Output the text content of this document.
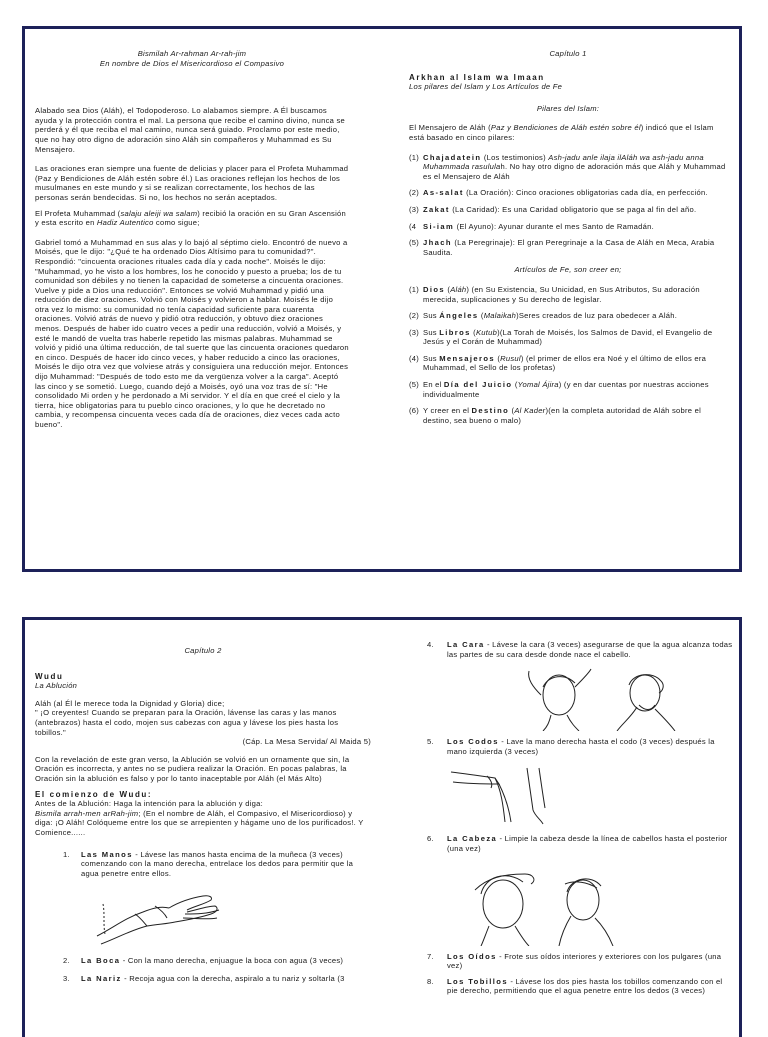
Bismilah Ar-rahman Ar-rah-jim
En nombre de Dios el Misericordioso el Compasivo

Alabado sea Dios (Aláh), el Todopoderoso. Lo alabamos siempre. A Él buscamos ayuda y la protección contra el mal. La persona que recibe el camino divino, nunca se perderá y él que reciba el mal camino, nunca será guiado. Proclamo por este medio, que no hay otro digno de adoración sino Aláh sin compañeros y Muhammad es Su Mensajero.

Las oraciones eran siempre una fuente de delicias y placer para el Profeta Muhammad (Paz y Bendiciones de Aláh estén sobre él.) Las oraciones reflejan los hechos de los musulmanes en este mundo y si se realizan correctamente, los hechos de las personas serán bendecidas. Si no, los hechos no serán aceptados.

El Profeta Muhammad (salaju aleiji wa salam) recibió la oración en su Gran Ascensión y esta escrito en Hadiz Autentico como sigue;

Gabriel tomó a Muhammad en sus alas y lo bajó al séptimo cielo. Encontró de nuevo a Moisés, que le dijo: "¿Qué te ha ordenado Dios Altísimo para tu comunidad?". Respondió: "cincuenta oraciones rituales cada día y cada noche". Moisés le dijo: "Muhammad, yo he visto a los hombres, los he conocido y puesto a prueba; los de tu comunidad son débiles y no tienen la capacidad de someterse a cincuenta oraciones. Vuelve y pide a Dios una reducción". Entonces se volvió Muhammad y pidió una reducción de diez oraciones. Volvió con Moisés y volvieron a hablar. Moisés le dijo otra vez lo mismo: su comunidad no tenía capacidad suficiente para cuarenta oraciones. Volvió atrás de nuevo y pidió otra reducción, y obtuvo diez oraciones menos. Después de haber ido cuatro veces a pedir una reducción, volvió a Moisés, y esté le mandó de vuelta tras haberle repetido las mismas palabras. Muhammad se volvió y pidió una última reducción, de tal suerte que las cincuenta oraciones quedaron en cinco. Después de hacer ido cinco veces, y haber reducido a cinco las oraciones, Moisés le dijo otra vez que volviese atrás y consiguiera una reducción mejor. Entonces dijo Muhammad: "Después de todo esto me da vergüenza volver a la carga". Aceptó las cinco y se sometió. Luego, cuando dejó a Moisés, oyó una voz tras de sí: "He consolidado Mi orden y he perdonado a Mi servidor. Y el día en que creé el cielo y la tierra, hice obligatorias para tu pueblo cinco oraciones, y lo que he decretado no cambia, y recompensa cincuenta veces cada día de oraciones, diez veces cada acto bueno".

Capítulo 1
Arkhan al Islam wa Imaan
Los pilares del Islam y Los Artículos de Fe
Pilares del Islam:

El Mensajero de Aláh (Paz y Bendiciones de Aláh estén sobre él) indicó que el Islam está basado en cinco pilares:

(1) Chajadatein (Los testimonios) Ash-jadu anle ilaja ilAláh wa ash-jadu anna Muhammada rasululah. No hay otro digno de adoración más que Aláh y Muhammad es el Mensajero de Aláh
(2) As-salat (La Oración): Cinco oraciones obligatorias cada día, en perfección.
(3) Zakat (La Caridad): Es una Caridad obligatorio que se paga al fin del año.
(4 Si-iam (El Ayuno): Ayunar durante el mes Santo de Ramadán.
(5) Jhach (La Peregrinaje): El gran Peregrinaje a la Casa de Aláh en Meca, Arabia Saudita.
Artículos de Fe, son creer en;
(1) Dios (Aláh) (en Su Existencia, Su Unicidad, en Sus Atributos, Su adoración merecida, suplicaciones y Su derecho de legislar.
(2) Sus Ángeles (Malaikah)Seres creados de luz para obedecer a Aláh.
(3) Sus Libros (Kutub)(La Torah de Moisés, los Salmos de David, el Evangelio de Jesús y el Corán de Muhammad)
(4) Sus Mensajeros (Rusul) (el primer de ellos era Noé y el último de ellos era Muhammad, el Sello de los profetas)
(5) En el Día del Juicio (Yomal Ájira) (y en dar cuentas por nuestras acciones individualmente
(6) Y creer en el Destino (Al Kader)(en la completa autoridad de Aláh sobre el destino, sea bueno o malo)
Capítulo 2
Wudu
La Ablución
Aláh (al Él le merece toda la Dignidad y Gloria) dice;
" ¡O creyentes! Cuando se preparan para la Oración, lávense las caras y las manos (antebrazos) hasta el codo, mojen sus cabezas con agua y lávese los pies hasta los tobillos."
(Cáp. La Mesa Servida/ Al Maida 5)

Con la revelación de este gran verso, la Ablución se volvió en un ornamente que sin, la Oración es incorrecta, y antes no se pudiera realizar la Oración. En pocas palabras, la Oración sin la ablución es falso y por lo tanto inaceptable por Aláh (el Más Alto)

El comienzo de Wudu:
Antes de la Ablución: Haga la intención para la ablución y diga:
Bismila arrah-men arRah-jim; (En el nombre de Aláh, el Compasivo, el Misericordioso) y diga: ¡O Aláh! Colóqueme entre los que se arrepienten y hágame uno de los purificados!. Y Comience......
1. Las Manos - Lávese las manos hasta encima de la muñeca (3 veces) comenzando con la mano derecha, entrelace los dedos para permitir que la agua penetre entre ellos.
2. La Boca - Con la mano derecha, enjuague la boca con agua (3 veces)
3. La Nariz - Recoja agua con la derecha, aspiralo a tu nariz y soltarla (3
4. La Cara - Lávese la cara (3 veces) asegurarse de que la agua alcanza todas las partes de su cara desde donde nace el cabello.
5. Los Codos - Lave la mano derecha hasta el codo (3 veces) después la mano izquierda (3 veces)
6. La Cabeza - Limpie la cabeza desde la línea de cabellos hasta el posterior (una vez)
7. Los Oídos - Frote sus oídos interiores y exteriores con los pulgares (una vez)
8. Los Tobillos - Lávese los dos pies hasta los tobillos comenzando con el pie derecho, permitiendo que el agua penetre entre los dedos (3 veces)
